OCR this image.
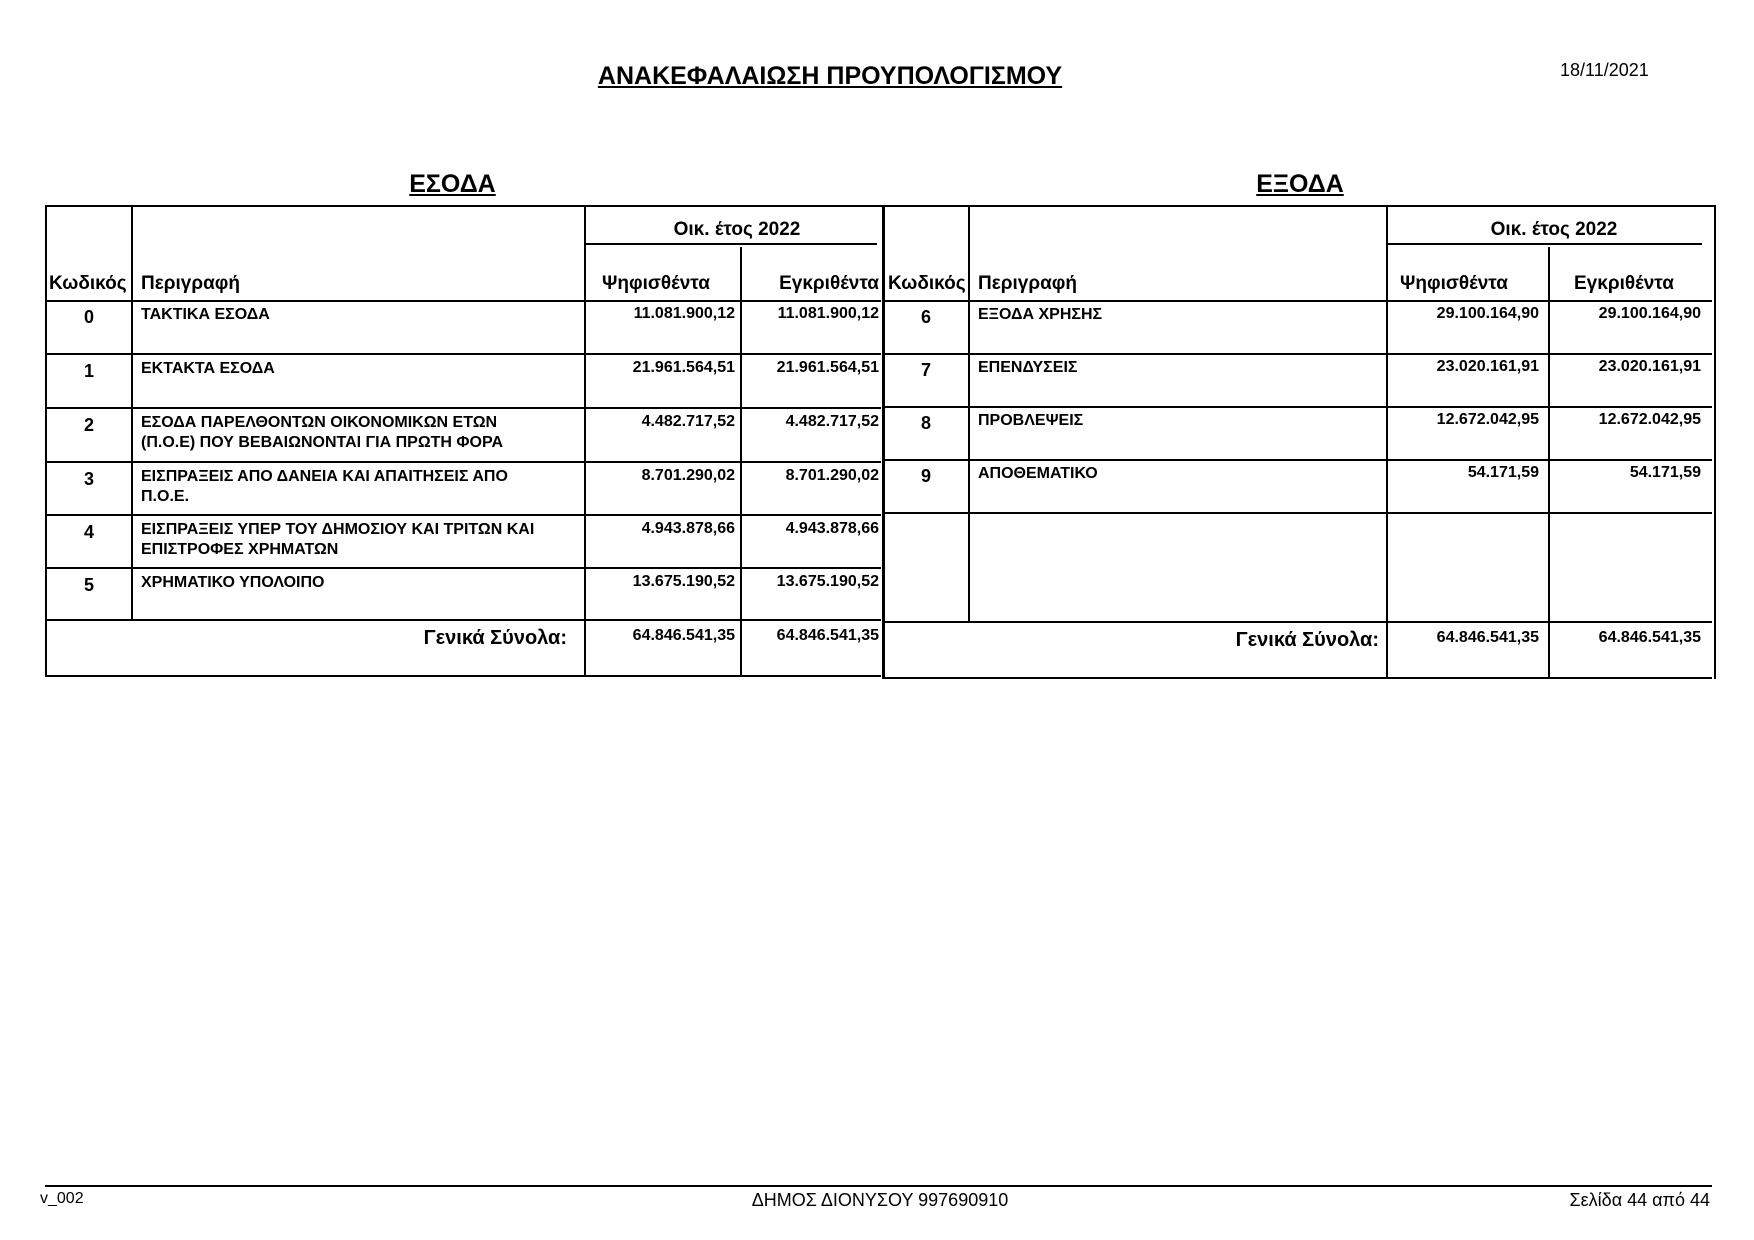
ΑΝΑΚΕΦΑΛΑΙΩΣΗ ΠΡΟΥΠΟΛΟΓΙΣΜΟΥ	18/11/2021
ΕΣΟΔΑ	ΕΞΟΔΑ
Οικ. έτος 2022
Κωδικός Περιγραφή	Ψηφισθέντα	Εγκριθέντα
0	ΤΑΚΤΙΚΑ ΕΣΟΔΑ	11.081.900,12	11.081.900,12
1	ΕΚΤΑΚΤΑ ΕΣΟΔΑ	21.961.564,51	21.961.564,51
2	ΕΣΟΔΑ ΠΑΡΕΛΘΟΝΤΩΝ ΟΙΚΟΝΟΜΙΚΩΝ ΕΤΩΝ
(Π.Ο.Ε) ΠΟΥ ΒΕΒΑΙΩΝΟΝΤΑΙ ΓΙΑ ΠΡΩΤΗ ΦΟΡΑ
4.482.717,52	4.482.717,52
3	ΕΙΣΠΡΑΞΕΙΣ ΑΠΟ ΔΑΝΕΙΑ ΚΑΙ ΑΠΑΙΤΗΣΕΙΣ ΑΠΟ
Π.Ο.Ε.
8.701.290,02	8.701.290,02
4	ΕΙΣΠΡΑΞΕΙΣ ΥΠΕΡ ΤΟΥ ΔΗΜΟΣΙΟΥ ΚΑΙ ΤΡΙΤΩΝ ΚΑΙ
ΕΠΙΣΤΡΟΦΕΣ ΧΡΗΜΑΤΩΝ
4.943.878,66	4.943.878,66
5	ΧΡΗΜΑΤΙΚΟ ΥΠΟΛΟΙΠΟ	13.675.190,52	13.675.190,52
Γενικά Σύνολα:	64.846.541,35	64.846.541,35
Οικ. έτος 2022
Κωδικός Περιγραφή	Ψηφισθέντα	Εγκριθέντα
6	ΕΞΟΔΑ ΧΡΗΣΗΣ	29.100.164,90	29.100.164,90
7	ΕΠΕΝΔΥΣΕΙΣ	23.020.161,91	23.020.161,91
8	ΠΡΟΒΛΕΨΕΙΣ	12.672.042,95	12.672.042,95
9	ΑΠΟΘΕΜΑΤΙΚΟ	54.171,59	54.171,59
Γενικά Σύνολα:	64.846.541,35	64.846.541,35
v_002	ΔΗΜΟΣ ΔΙΟΝΥΣΟΥ 997690910	Σελίδα 44 από 44
